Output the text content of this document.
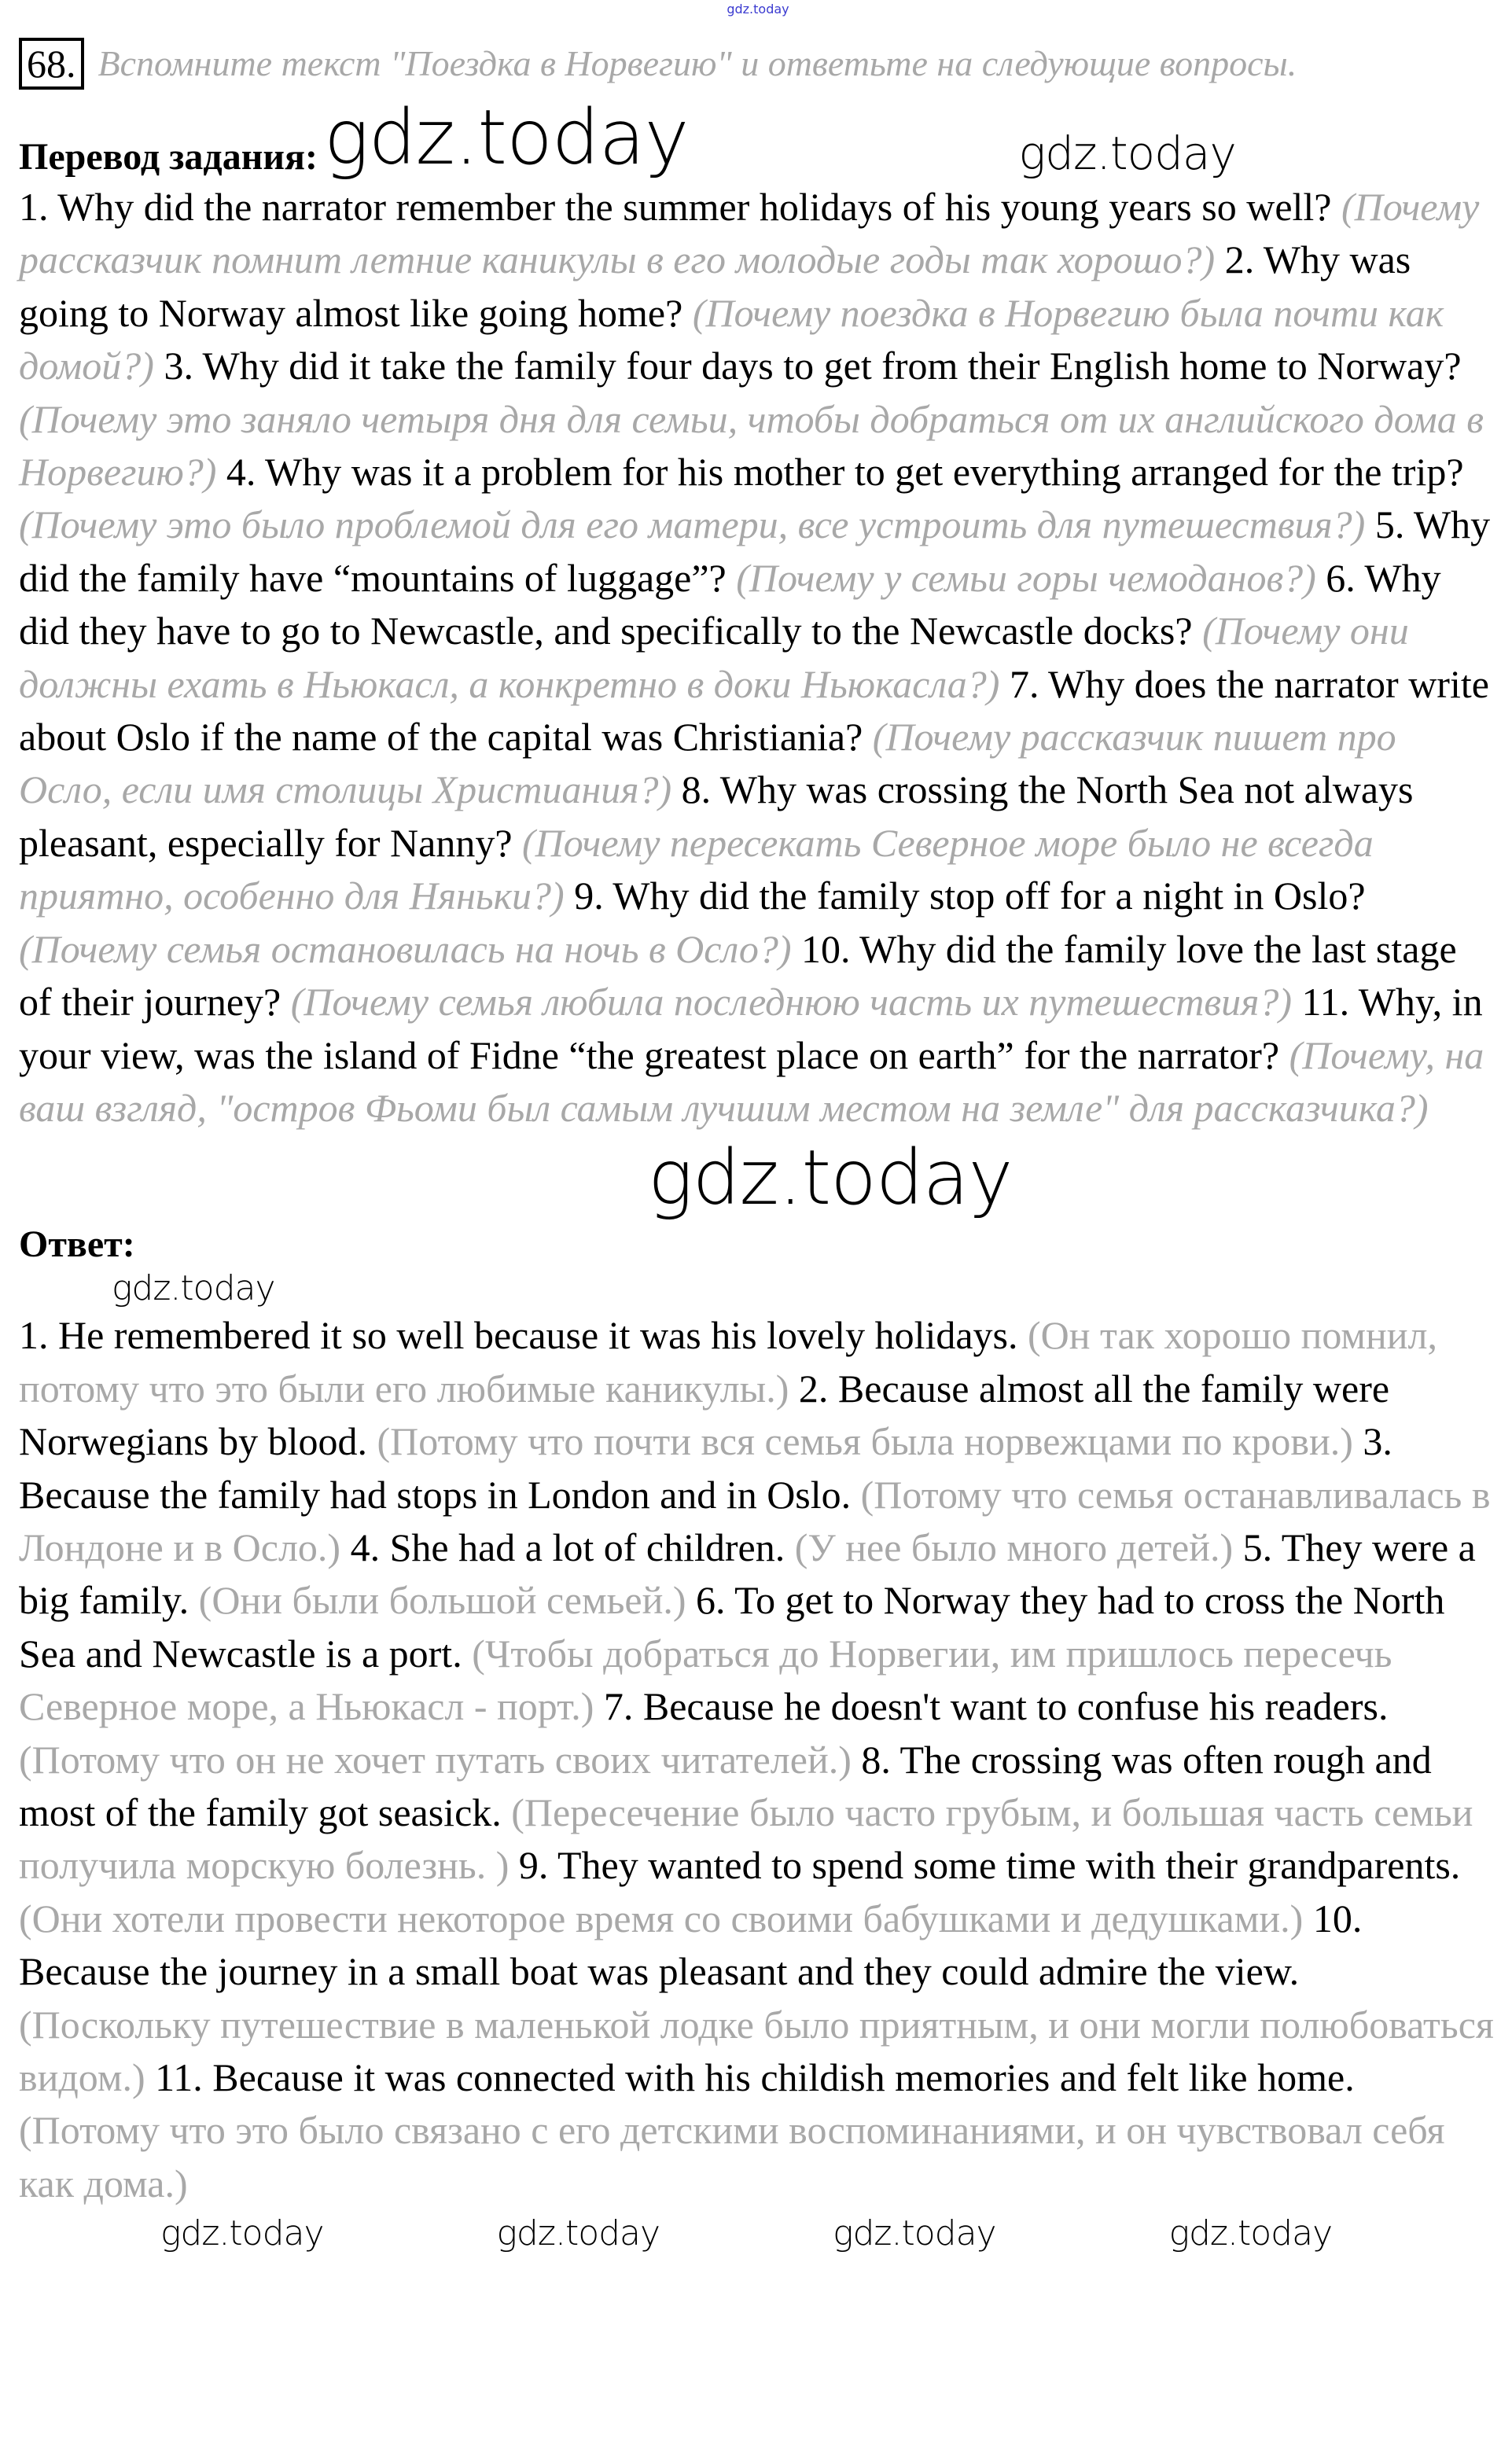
gdz.today
68. Вспомните текст "Поездка в Норвегию" и ответьте на следующие вопросы.
Перевод задания: gdz.today	gdz.today
1. Why did the narrator remember the summer holidays of his young years so well? (Почему рассказчик помнит летние каникулы в его молодые годы так хорошо?) 2. Why was going to Norway almost like going home? (Почему поездка в Норвегию была почти как домой?) 3. Why did it take the family four days to get from their English home to Norway? (Почему это заняло четыря дня для семьи, чтобы добраться от их английского дома в Норвегию?) 4. Why was it a problem for his mother to get everything arranged for the trip? (Почему это было проблемой для его матери, все устроить для путешествия?) 5. Why did the family have “mountains of luggage”? (Почему у семьи горы чемоданов?) 6. Why did they have to go to Newcastle, and specifically to the Newcastle docks? (Почему они должны ехать в Ньюкасл, а конкретно в доки Ньюкасла?) 7. Why does the narrator write about Oslo if the name of the capital was Christiania? (Почему рассказчик пишет про Осло, если имя столицы Христиания?) 8. Why was crossing the North Sea not always pleasant, especially for Nanny? (Почему пересекать Северное море было не всегда приятно, особенно для Няньки?) 9. Why did the family stop off for a night in Oslo? (Почему семья остановилась на ночь в Осло?) 10. Why did the family love the last stage of their journey? (Почему семья любила последнюю часть их путешествия?) 11. Why, in your view, was the island of Fidne “the greatest place on earth” for the narrator? (Почему, на ваш взгляд, "остров Фьоми был самым лучшим местом на земле" для рассказчика?)
gdz.today
Ответ:
gdz.today
1. He remembered it so well because it was his lovely holidays. (Он так хорошо помнил, потому что это были его любимые каникулы.) 2. Because almost all the family were Norwegians by blood. (Потому что почти вся семья была норвежцами по крови.) 3. Because the family had stops in London and in Oslo. (Потому что семья останавливалась в Лондоне и в Осло.) 4. She had a lot of children. (У нее было много детей.) 5. They were a big family. (Они были большой семьей.) 6. To get to Norway they had to cross the North Sea and Newcastle is a port. (Чтобы добраться до Норвегии, им пришлось пересечь Северное море, а Ньюкасл - порт.) 7. Because he doesn't want to confuse his readers. (Потому что он не хочет путать своих читателей.) 8. The crossing was often rough and most of the family got seasick. (Пересечение было часто грубым, и большая часть семьи получила морскую болезнь. ) 9. They wanted to spend some time with their grandparents. (Они хотели провести некоторое время со своими бабушками и дедушками.) 10. Because the journey in a small boat was pleasant and they could admire the view. (Поскольку путешествие в маленькой лодке было приятным, и они могли полюбоваться видом.) 11. Because it was connected with his childish memories and felt like home. (Потому что это было связано с его детскими воспоминаниями, и он чувствовал себя как дома.)
gdz.today	gdz.today	gdz.today	gdz.today
